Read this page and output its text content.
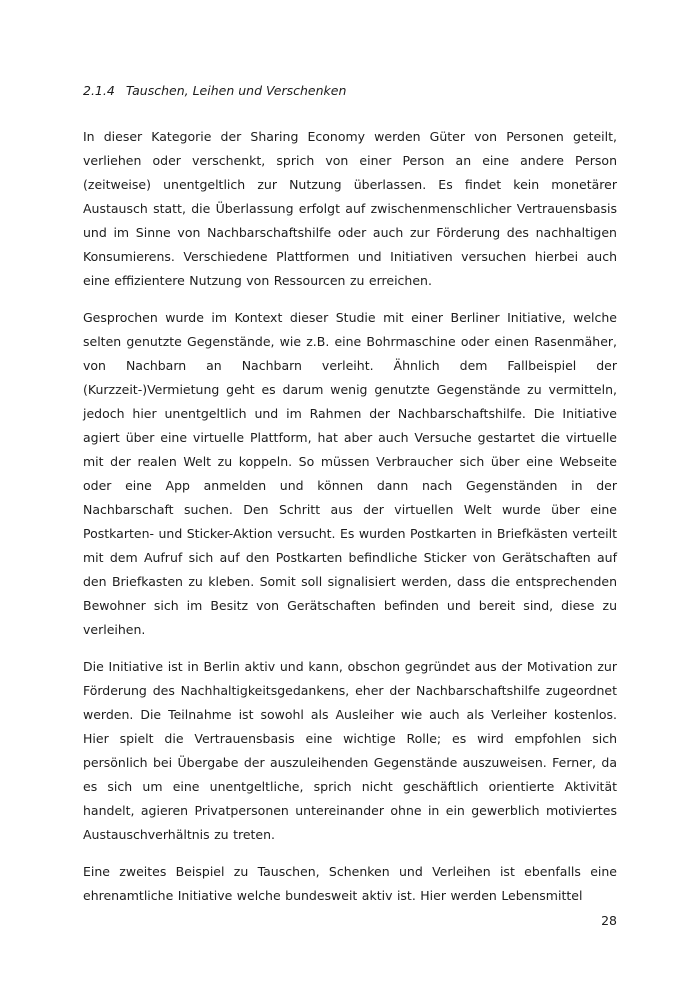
2.1.4 Tauschen, Leihen und Verschenken

In dieser Kategorie der Sharing Economy werden Güter von Personen geteilt, verliehen oder verschenkt, sprich von einer Person an eine andere Person (zeitweise) unentgeltlich zur Nutzung überlassen. Es findet kein monetärer Austausch statt, die Überlassung erfolgt auf zwischenmenschlicher Vertrauensbasis und im Sinne von Nachbarschaftshilfe oder auch zur Förderung des nachhaltigen Konsumierens. Verschiedene Plattformen und Initiativen versuchen hierbei auch eine effizientere Nutzung von Ressourcen zu erreichen.

Gesprochen wurde im Kontext dieser Studie mit einer Berliner Initiative, welche selten genutzte Gegenstände, wie z.B. eine Bohrmaschine oder einen Rasenmäher, von Nachbarn an Nachbarn verleiht. Ähnlich dem Fallbeispiel der (Kurzzeit-)Vermietung geht es darum wenig genutzte Gegenstände zu vermitteln, jedoch hier unentgeltlich und im Rahmen der Nachbarschaftshilfe. Die Initiative agiert über eine virtuelle Plattform, hat aber auch Versuche gestartet die virtuelle mit der realen Welt zu koppeln. So müssen Verbraucher sich über eine Webseite oder eine App anmelden und können dann nach Gegenständen in der Nachbarschaft suchen. Den Schritt aus der virtuellen Welt wurde über eine Postkarten- und Sticker-Aktion versucht. Es wurden Postkarten in Briefkästen verteilt mit dem Aufruf sich auf den Postkarten befindliche Sticker von Gerätschaften auf den Briefkasten zu kleben. Somit soll signalisiert werden, dass die entsprechenden Bewohner sich im Besitz von Gerätschaften befinden und bereit sind, diese zu verleihen.

Die Initiative ist in Berlin aktiv und kann, obschon gegründet aus der Motivation zur Förderung des Nachhaltigkeitsgedankens, eher der Nachbarschaftshilfe zugeordnet werden. Die Teilnahme ist sowohl als Ausleiher wie auch als Verleiher kostenlos. Hier spielt die Vertrauensbasis eine wichtige Rolle; es wird empfohlen sich persönlich bei Übergabe der auszuleihenden Gegenstände auszuweisen. Ferner, da es sich um eine unentgeltliche, sprich nicht geschäftlich orientierte Aktivität handelt, agieren Privatpersonen untereinander ohne in ein gewerblich motiviertes Austauschverhältnis zu treten.

Eine zweites Beispiel zu Tauschen, Schenken und Verleihen ist ebenfalls eine ehrenamtliche Initiative welche bundesweit aktiv ist. Hier werden Lebensmittel

28
